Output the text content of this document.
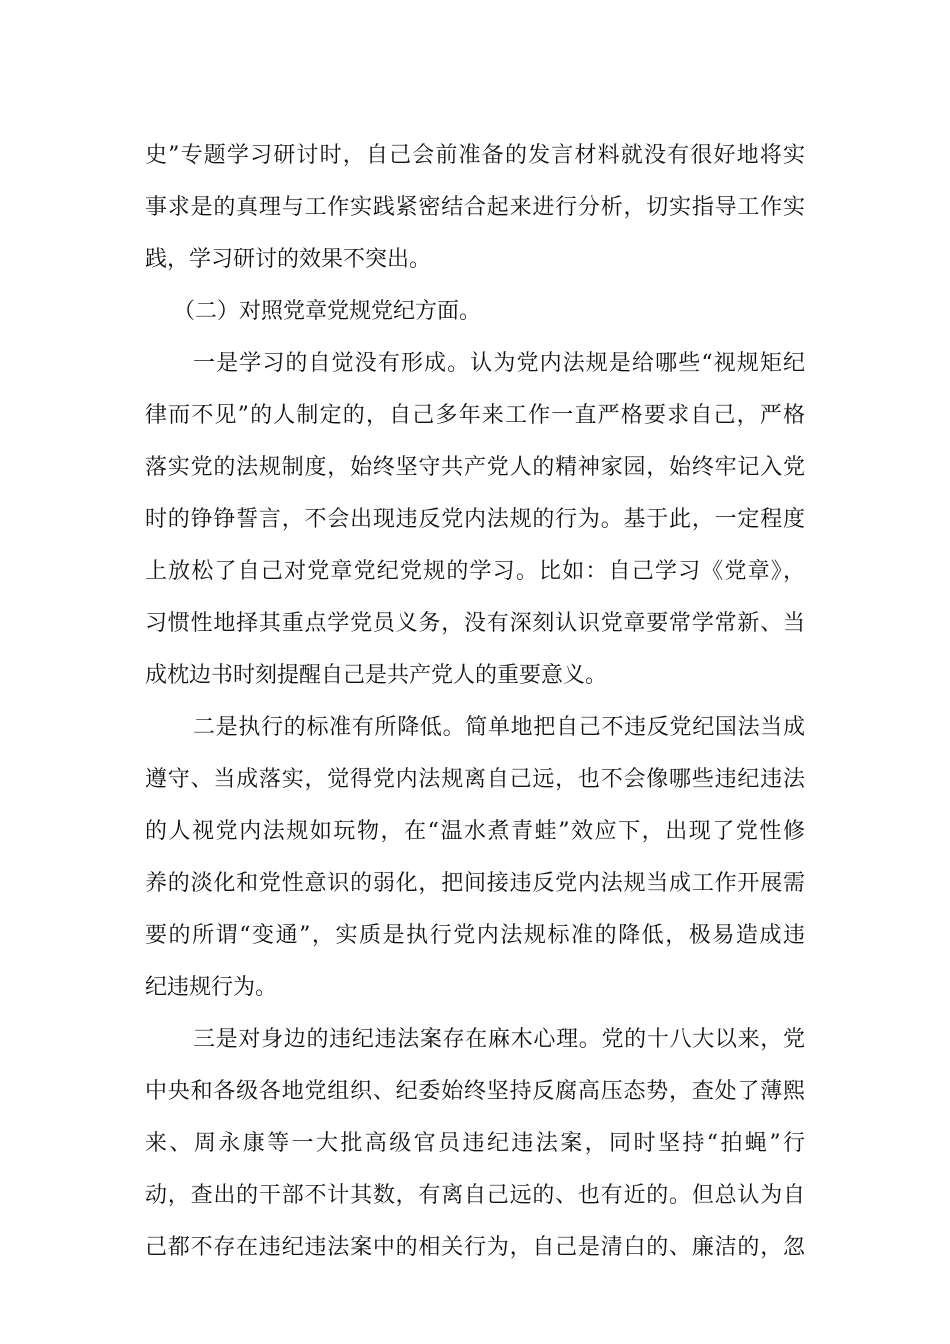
史”专题学习研讨时，自己会前准备的发言材料就没有很好地将实
事求是的真理与工作实践紧密结合起来进行分析，切实指导工作实
践，学习研讨的效果不突出。
（二）对照党章党规党纪方面。
一是学习的自觉没有形成。认为党内法规是给哪些“视规矩纪
律而不见”的人制定的，自己多年来工作一直严格要求自己，严格
落实党的法规制度，始终坚守共产党人的精神家园，始终牢记入党
时的铮铮誓言，不会出现违反党内法规的行为。基于此，一定程度
上放松了自己对党章党纪党规的学习。比如：自己学习《党章》，
习惯性地择其重点学党员义务，没有深刻认识党章要常学常新、当
成枕边书时刻提醒自己是共产党人的重要意义。
二是执行的标准有所降低。简单地把自己不违反党纪国法当成
遵守、当成落实，觉得党内法规离自己远，也不会像哪些违纪违法
的人视党内法规如玩物，在“温水煮青蛙”效应下，出现了党性修
养的淡化和党性意识的弱化，把间接违反党内法规当成工作开展需
要的所谓“变通”，实质是执行党内法规标准的降低，极易造成违
纪违规行为。
三是对身边的违纪违法案存在麻木心理。党的十八大以来，党
中央和各级各地党组织、纪委始终坚持反腐高压态势，查处了薄熙
来、周永康等一大批高级官员违纪违法案，同时坚持“拍蝇”行
动，查出的干部不计其数，有离自己远的、也有近的。但总认为自
己都不存在违纪违法案中的相关行为，自己是清白的、廉洁的，忽
